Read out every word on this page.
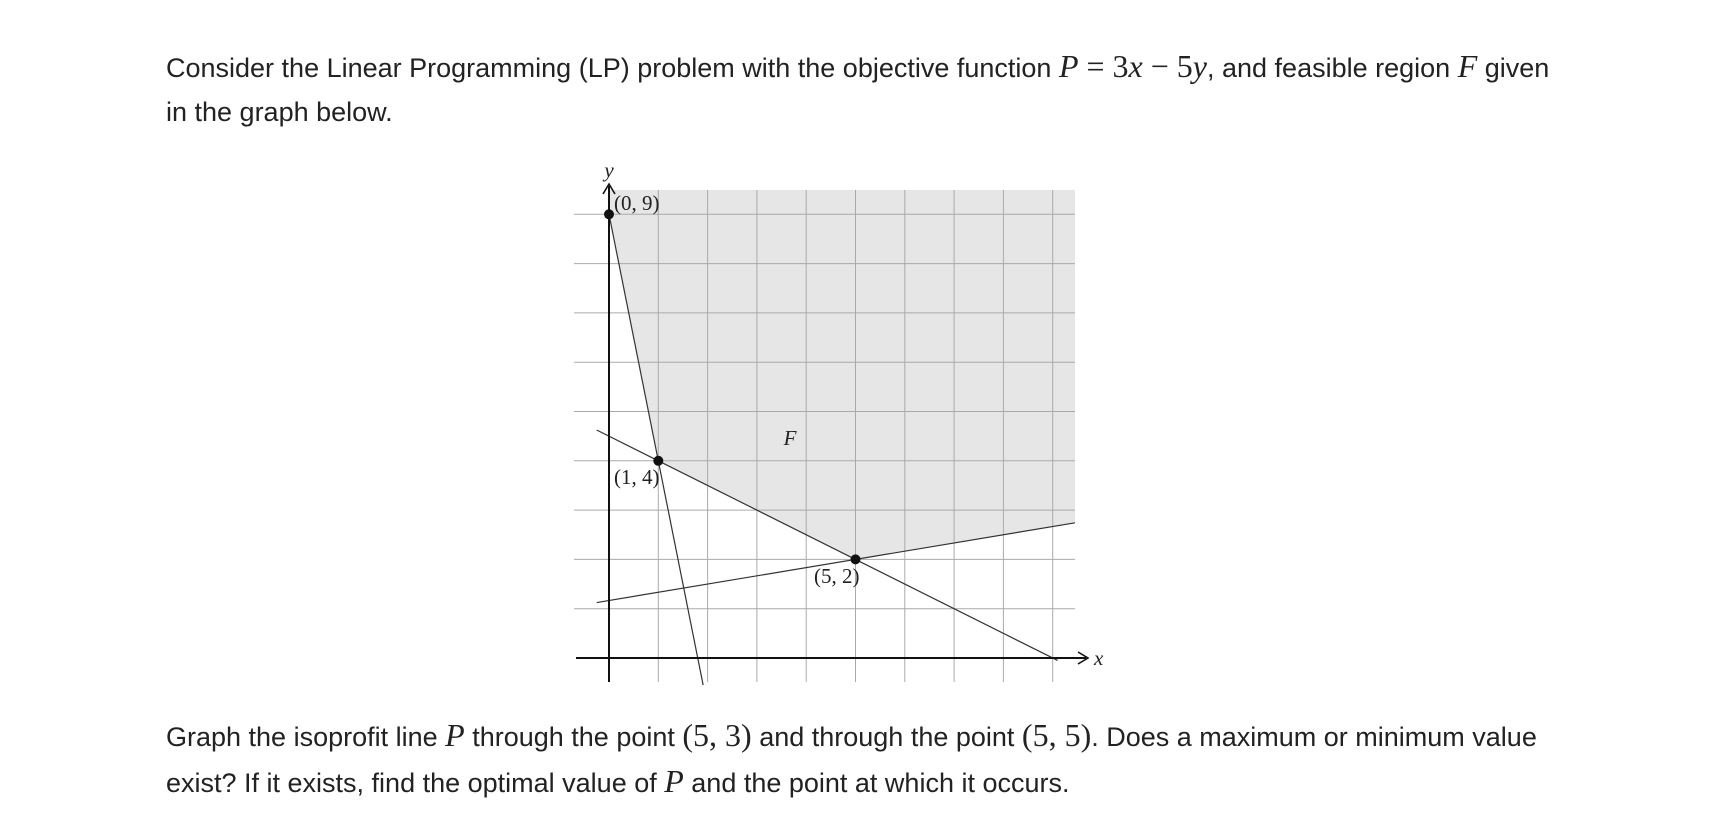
Consider the Linear Programming (LP) problem with the objective function P = 3x − 5y, and feasible region F given in the graph below.

y
x
F
(0, 9)
(1, 4)
(5, 2)

Graph the isoprofit line P through the point (5, 3) and through the point (5, 5). Does a maximum or minimum value exist? If it exists, find the optimal value of P and the point at which it occurs.
